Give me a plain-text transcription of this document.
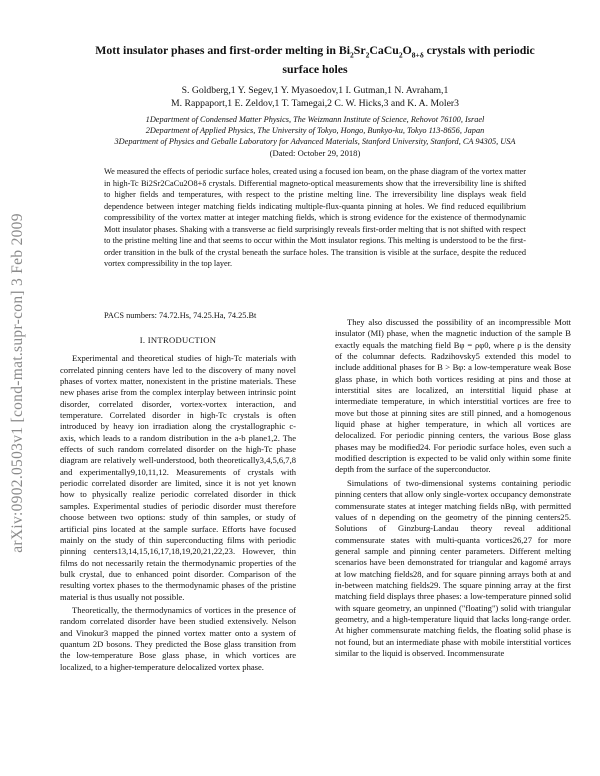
arXiv:0902.0503v1 [cond-mat.supr-con] 3 Feb 2009
Mott insulator phases and first-order melting in $Bi_2Sr_2CaCu_2O_{8+\delta}$ crystals with periodic
surface holes
S. Goldberg,1 Y. Segev,1 Y. Myasoedov,1 I. Gutman,1 N. Avraham,1
M. Rappaport,1 E. Zeldov,1 T. Tamegai,2 C. W. Hicks,3 and K. A. Moler3
1Department of Condensed Matter Physics, The Weizmann Institute of Science, Rehovot 76100, Israel
2Department of Applied Physics, The University of Tokyo, Hongo, Bunkyo-ku, Tokyo 113-8656, Japan
3Department of Physics and Geballe Laboratory for Advanced Materials, Stanford University, Stanford, CA 94305, USA
(Dated: October 29, 2018)
We measured the effects of periodic surface holes, created using a focused ion beam, on the phase diagram of the vortex matter in high-Tc Bi2Sr2CaCu2O8+δ crystals. Differential magneto-optical measurements show that the irreversibility line is shifted to higher fields and temperatures, with respect to the pristine melting line. The irreversibility line displays weak field dependence between integer matching fields indicating multiple-flux-quanta pinning at holes. We find reduced equilibrium compressibility of the vortex matter at integer matching fields, which is strong evidence for the existence of thermodynamic Mott insulator phases. Shaking with a transverse ac field surprisingly reveals first-order melting that is not shifted with respect to the pristine melting line and that seems to occur within the Mott insulator regions. This melting is understood to be the first-order transition in the bulk of the crystal beneath the surface holes. The transition is visible at the surface, despite the reduced vortex compressibility in the top layer.
PACS numbers: 74.72.Hs, 74.25.Ha, 74.25.Bt
I. INTRODUCTION

Experimental and theoretical studies of high-Tc materials with correlated pinning centers have led to the discovery of many novel phases of vortex matter, nonexistent in the pristine materials. These new phases arise from the complex interplay between intrinsic point disorder, correlated disorder, vortex-vortex interaction, and temperature. Correlated disorder in high-Tc crystals is often introduced by heavy ion irradiation along the crystallographic c-axis, which leads to a random distribution in the a-b plane1,2. The effects of such random correlated disorder on the high-Tc phase diagram are relatively well-understood, both theoretically3,4,5,6,7,8 and experimentally9,10,11,12. Measurements of crystals with periodic correlated disorder are limited, since it is not yet known how to physically realize periodic correlated disorder in thick samples. Experimental studies of periodic disorder must therefore choose between two options: study of thin samples, or study of artificial pins located at the sample surface. Efforts have focused mainly on the study of thin superconducting films with periodic pinning centers13,14,15,16,17,18,19,20,21,22,23. However, thin films do not necessarily retain the thermodynamic properties of the bulk crystal, due to enhanced point disorder. Comparison of the resulting vortex phases to the thermodynamic phases of the pristine material is thus usually not possible.

Theoretically, the thermodynamics of vortices in the presence of random correlated disorder have been studied extensively. Nelson and Vinokur3 mapped the pinned vortex matter onto a system of quantum 2D bosons. They predicted the Bose glass transition from the low-temperature Bose glass phase, in which vortices are localized, to a higher-temperature delocalized vortex phase.

They also discussed the possibility of an incompressible Mott insulator (MI) phase, when the magnetic induction of the sample B exactly equals the matching field Bφ = ρφ0, where ρ is the density of the columnar defects. Radzihovsky5 extended this model to include additional phases for B > Bφ: a low-temperature weak Bose glass phase, in which both vortices residing at pins and those at interstitial sites are localized, an interstitial liquid phase at intermediate temperature, in which interstitial vortices are free to move but those at pinning sites are still pinned, and a homogenous liquid phase at higher temperature, in which all vortices are delocalized. For periodic pinning centers, the various Bose glass phases may be modified24. For periodic surface holes, even such a modified description is expected to be valid only within some finite depth from the surface of the superconductor.

Simulations of two-dimensional systems containing periodic pinning centers that allow only single-vortex occupancy demonstrate commensurate states at integer matching fields nBφ, with permitted values of n depending on the geometry of the pinning centers25. Solutions of Ginzburg-Landau theory reveal additional commensurate states with multi-quanta vortices26,27 for more general sample and pinning center parameters. Different melting scenarios have been demonstrated for triangular and kagomé arrays at low matching fields28, and for square pinning arrays both at and in-between matching fields29. The square pinning array at the first matching field displays three phases: a low-temperature pinned solid with square geometry, an unpinned ("floating") solid with triangular geometry, and a high-temperature liquid that lacks long-range order. At higher commensurate matching fields, the floating solid phase is not found, but an intermediate phase with mobile interstitial vortices similar to the liquid is observed. Incommensurate
